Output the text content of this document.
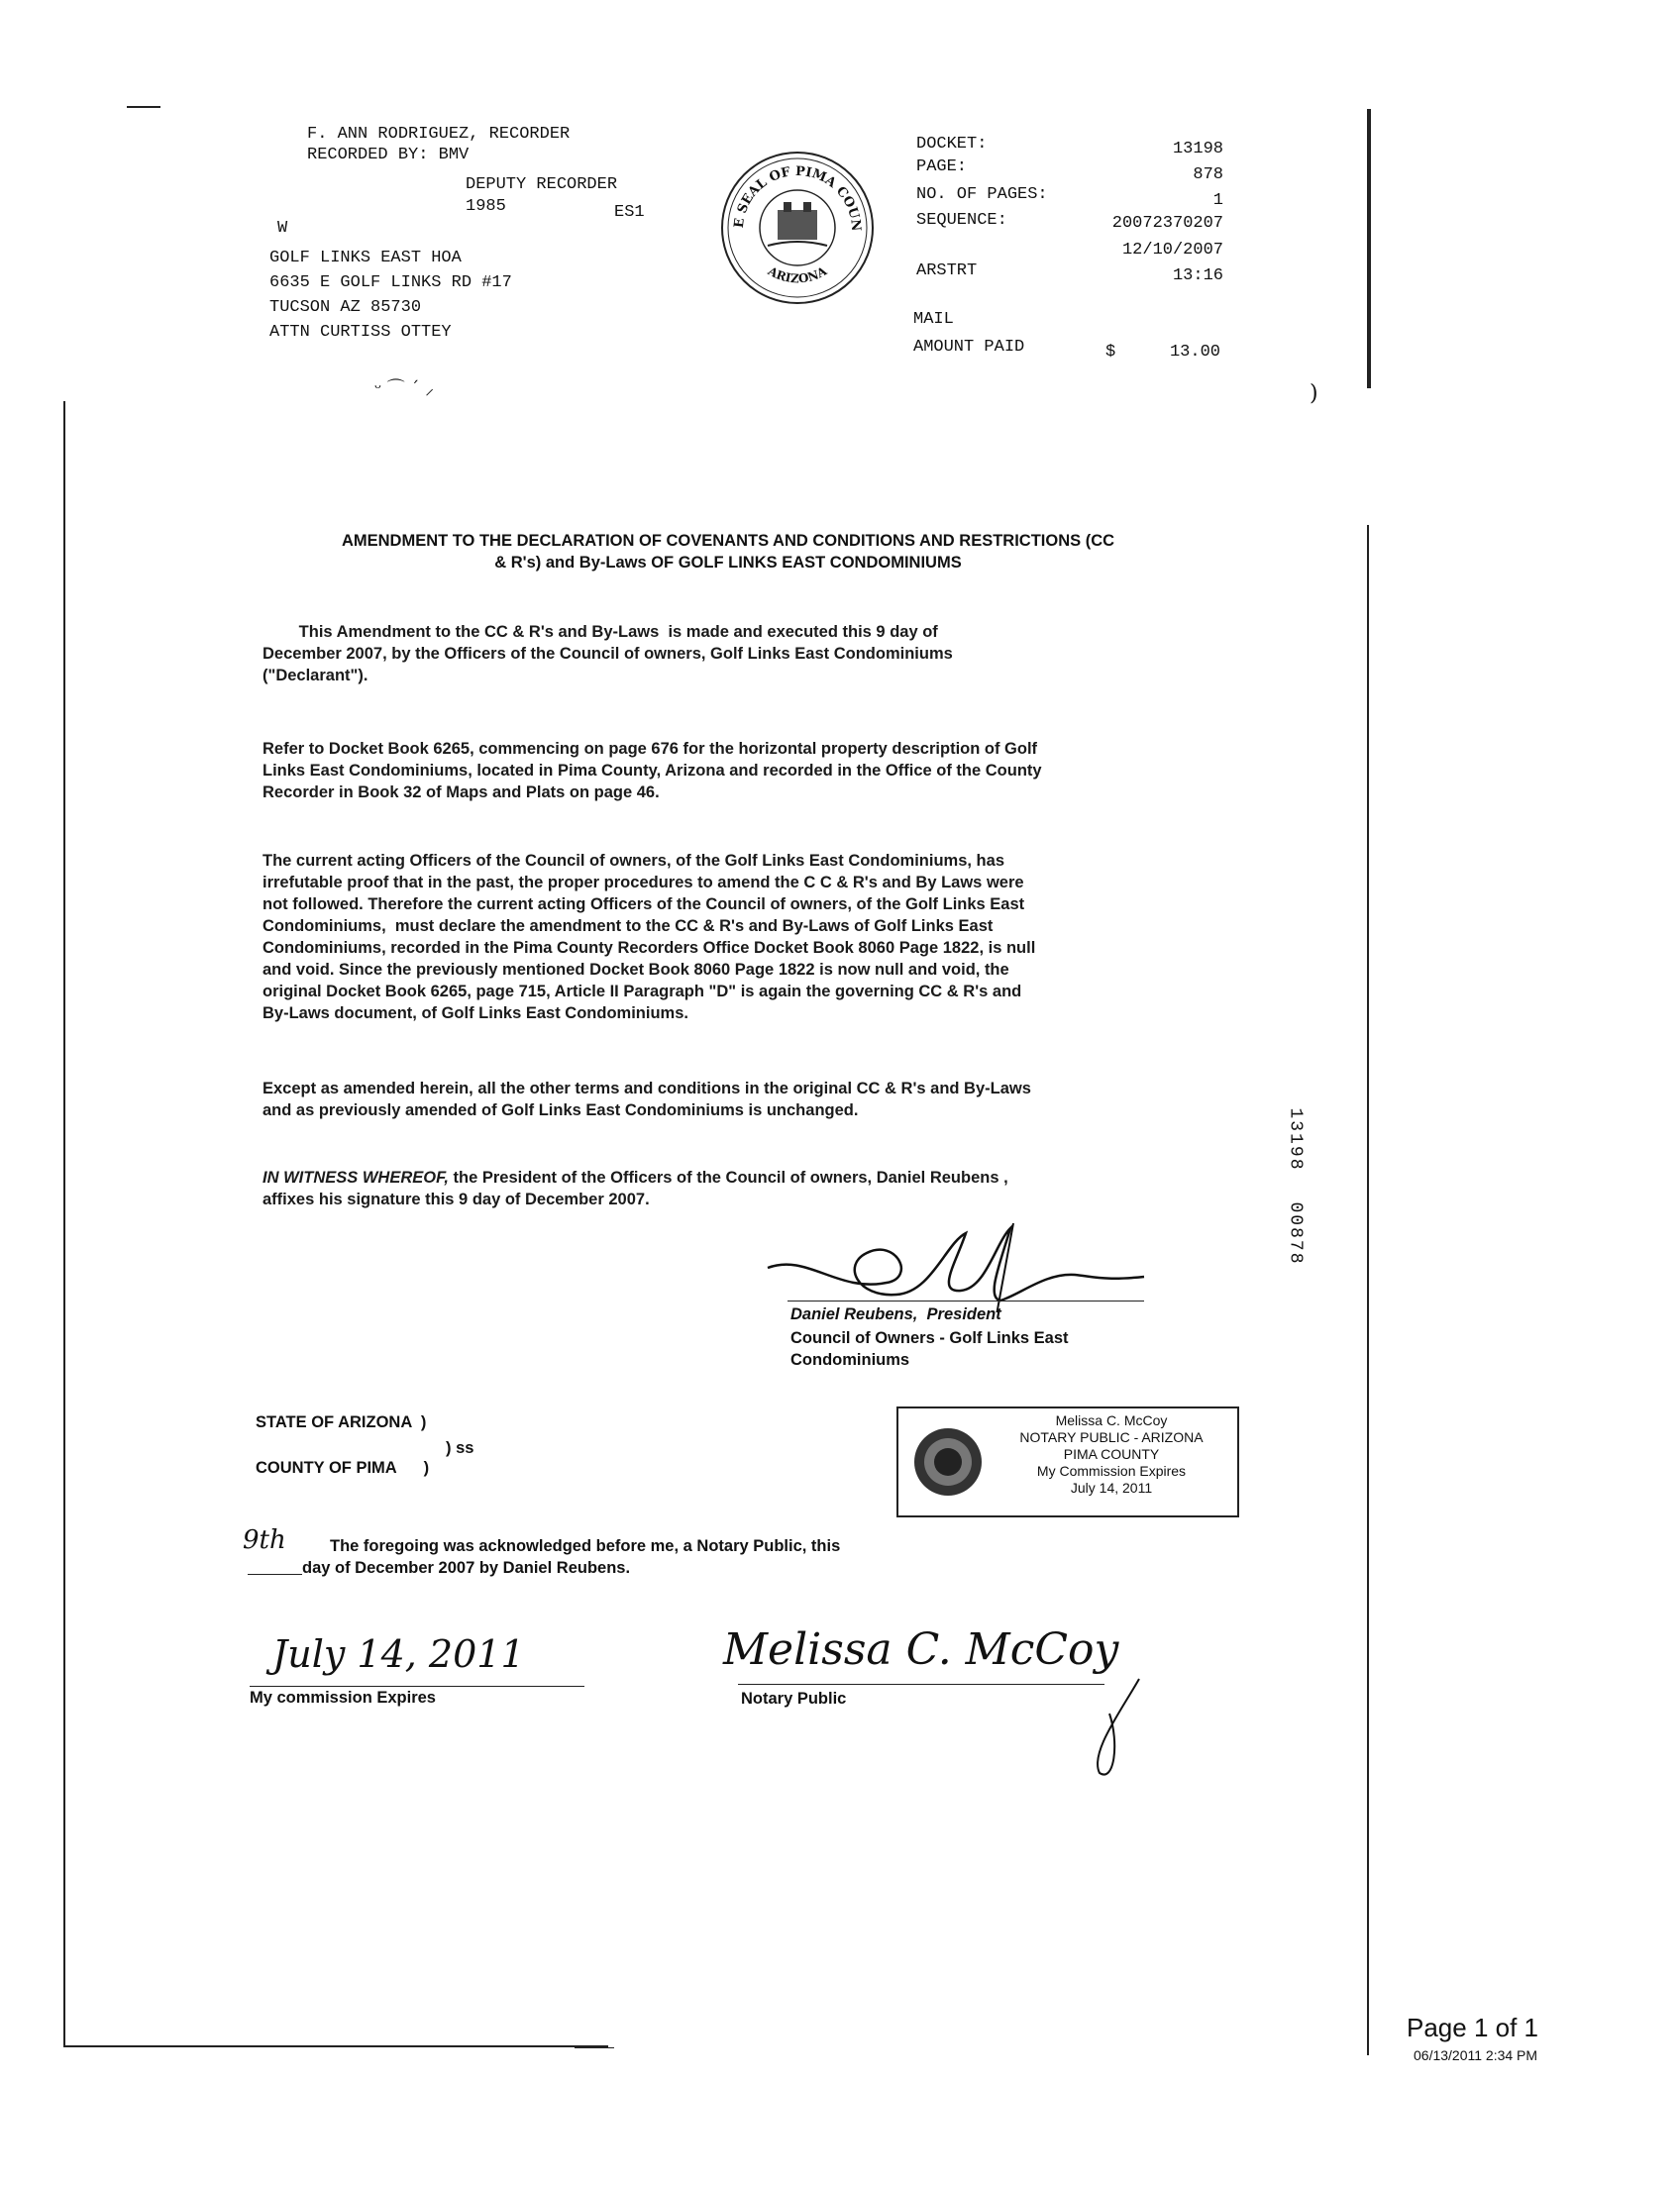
F. ANN RODRIGUEZ, RECORDER
RECORDED BY: BMV
DEPUTY RECORDER
1985	ES1
W
GOLF LINKS EAST HOA
6635 E GOLF LINKS RD #17
TUCSON AZ 85730
ATTN CURTISS OTTEY
ᵕ ⌒ ˊ ⸝
E SEAL OF PIMA COUN
ARIZONA
DOCKET:	13198
PAGE:	878
NO. OF PAGES:	1
SEQUENCE:	20072370207
12/10/2007
ARSTRT	13:16
MAIL
AMOUNT PAID	$	13.00
)
AMENDMENT TO THE DECLARATION OF COVENANTS AND CONDITIONS AND RESTRICTIONS (CC
& R's) and By-Laws OF GOLF LINKS EAST CONDOMINIUMS
This Amendment to the CC & R's and By-Laws  is made and executed this 9 day of
December 2007, by the Officers of the Council of owners, Golf Links East Condominiums
("Declarant").
Refer to Docket Book 6265, commencing on page 676 for the horizontal property description of Golf
Links East Condominiums, located in Pima County, Arizona and recorded in the Office of the County
Recorder in Book 32 of Maps and Plats on page 46.
The current acting Officers of the Council of owners, of the Golf Links East Condominiums, has
irrefutable proof that in the past, the proper procedures to amend the C C & R's and By Laws were
not followed. Therefore the current acting Officers of the Council of owners, of the Golf Links East
Condominiums,  must declare the amendment to the CC & R's and By-Laws of Golf Links East
Condominiums, recorded in the Pima County Recorders Office Docket Book 8060 Page 1822, is null
and void. Since the previously mentioned Docket Book 8060 Page 1822 is now null and void, the
original Docket Book 6265, page 715, Article II Paragraph "D" is again the governing CC & R's and
By-Laws document, of Golf Links East Condominiums.
Except as amended herein, all the other terms and conditions in the original CC & R's and By-Laws
and as previously amended of Golf Links East Condominiums is unchanged.
IN WITNESS WHEREOF, the President of the Officers of the Council of owners, Daniel Reubens ,
affixes his signature this 9 day of December 2007.
13198
00878
Daniel Reubens,  President
Council of Owners - Golf Links East
Condominiums
STATE OF ARIZONA  )
) ss
COUNTY OF PIMA      )
Melissa C. McCoy
NOTARY PUBLIC - ARIZONA
PIMA COUNTY
My Commission Expires
July 14, 2011
9th	The foregoing was acknowledged before me, a Notary Public, this
day of December 2007 by Daniel Reubens.
July 14, 2011
My commission Expires
Melissa C. McCoy
Notary Public
Page 1 of 1
06/13/2011 2:34 PM
